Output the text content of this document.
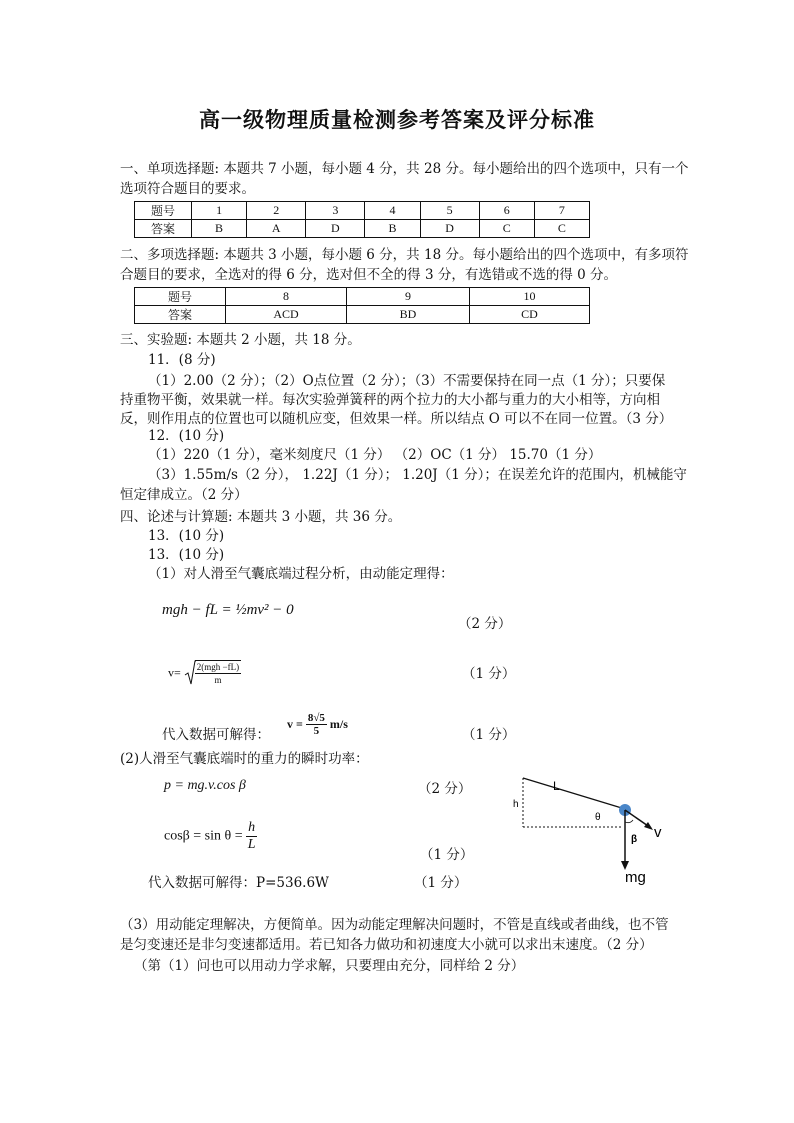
高一级物理质量检测参考答案及评分标准
一、单项选择题: 本题共 7 小题，每小题 4 分，共 28 分。每小题给出的四个选项中，只有一个
选项符合题目的要求。
题号	1	2	3	4	5	6	7
答案	B	A	D	B	D	C	C
二、多项选择题: 本题共 3 小题，每小题 6 分，共 18 分。每小题给出的四个选项中，有多项符
合题目的要求，全选对的得 6 分，选对但不全的得 3 分，有选错或不选的得 0 分。
题号	8	9	10
答案	ACD	BD	CD
三、实验题: 本题共 2 小题，共 18 分。
11．(8 分)
（1）2.00（2 分）；（2）O点位置（2 分）；（3）不需要保持在同一点（1 分）；只要保
持重物平衡，效果就一样。每次实验弹簧秤的两个拉力的大小都与重力的大小相等，方向相
反，则作用点的位置也可以随机应变，但效果一样。所以结点 O 可以不在同一位置。（3 分）
12．(10 分)
（1）220（1 分），毫米刻度尺（1 分） （2）OC（1 分） 15.70（1 分）
（3）1.55m/s（2 分）， 1.22J（1 分）； 1.20J（1 分）；在误差允许的范围内，机械能守
恒定律成立。（2 分）
四、论述与计算题: 本题共 3 小题，共 36 分。
13．(10 分)
13．(10 分)
（1）对人滑至气囊底端过程分析，由动能定理得：
mgh − fL = ½mv² − 0
（2 分）
v= 2(mgh −fL)
m	（1 分）
代入数据可解得：
$v = \frac{8√5}{5} m/s$
（1 分）
(2)人滑至气囊底端时的重力的瞬时功率：
p = mg.v.cos β	（2 分）
$\cos\beta = \sin \theta = \frac{h}{L}$
（1 分）
代入数据可解得：P=536.6W	（1 分）
L
h
θ
β v
mg
（3）用动能定理解决，方便简单。因为动能定理解决问题时，不管是直线或者曲线，也不管
是匀变速还是非匀变速都适用。若已知各力做功和初速度大小就可以求出末速度。（2 分）
（第（1）问也可以用动力学求解，只要理由充分，同样给 2 分）
